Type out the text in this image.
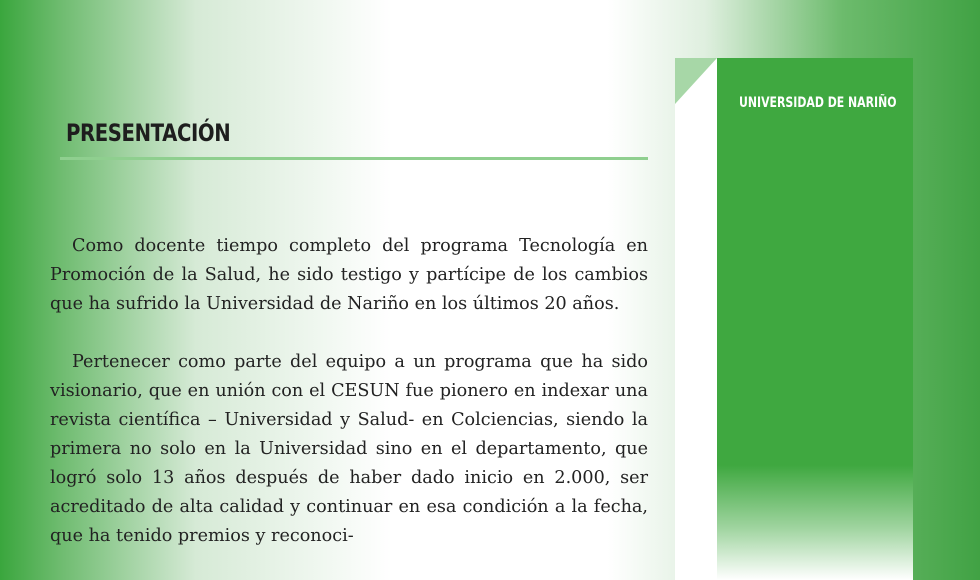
PRESENTACIÓN

Como docente tiempo completo del programa Tecnología en Promoción de la Salud, he sido testigo y partícipe de los cambios que ha sufrido la Universidad de Nariño en los últimos 20 años.

Pertenecer como parte del equipo a un programa que ha sido visionario, que en unión con el CESUN fue pionero en indexar una revista científica – Universidad y Salud- en Colciencias, siendo la primera no solo en la Universidad sino en el departamento, que logró solo 13 años después de haber dado inicio en 2.000, ser acreditado de alta calidad y continuar en esa condición a la fecha, que ha tenido premios y reconoci-

UNIVERSIDAD DE NARIÑO
